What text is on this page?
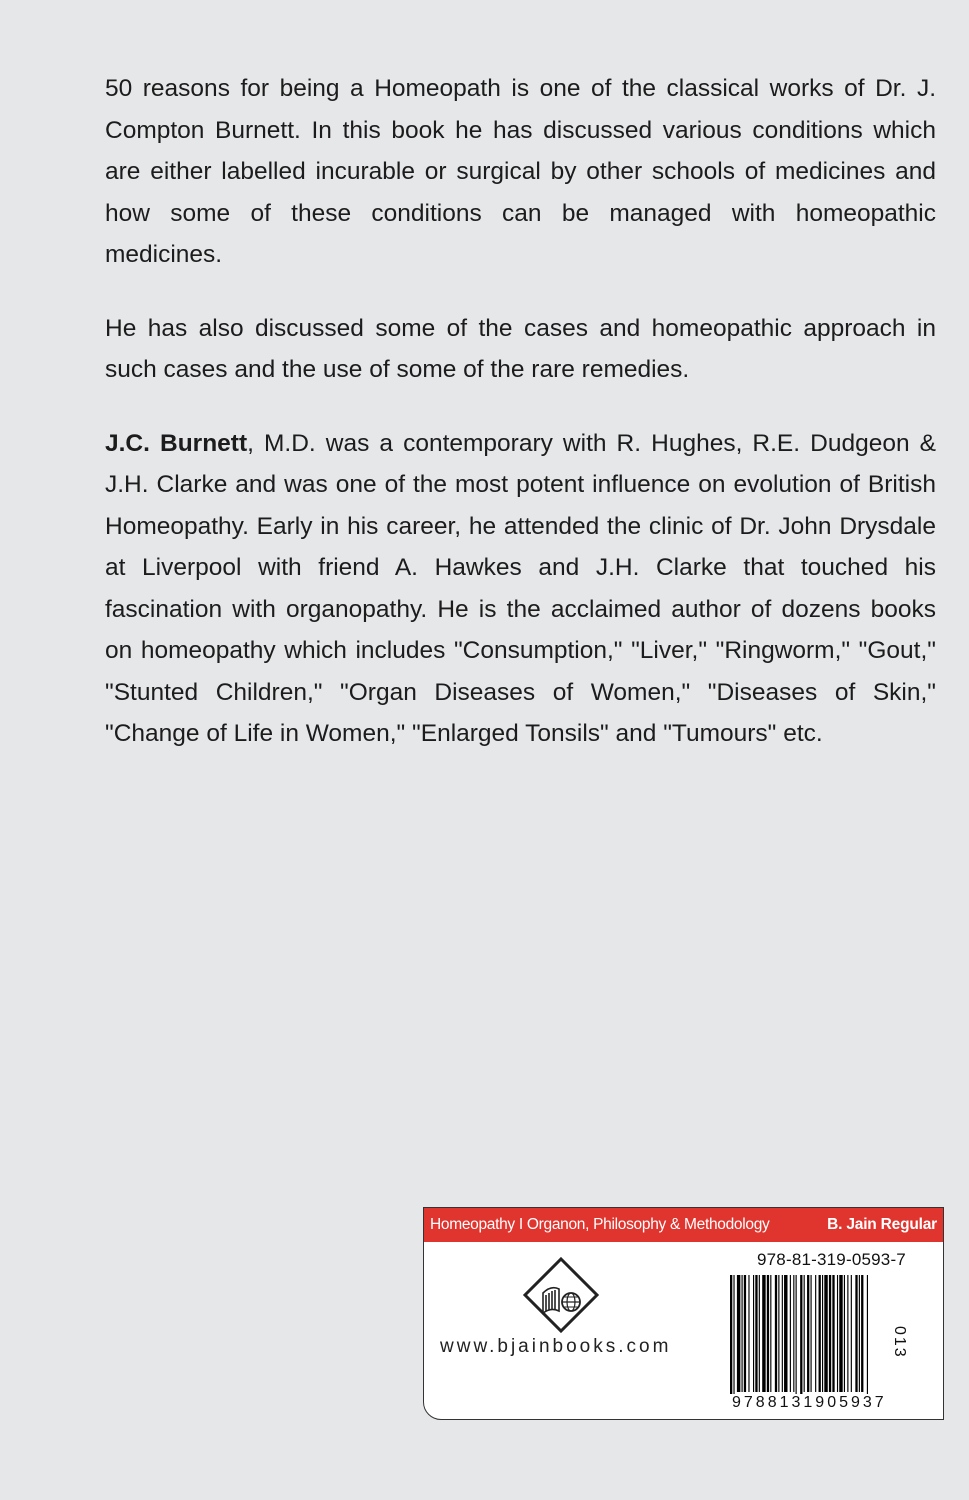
50 reasons for being a Homeopath is one of the classical works of Dr. J. Compton Burnett. In this book he has discussed various conditions which are either labelled incurable or surgical by other schools of medicines and how some of these conditions can be managed with homeopathic medicines.

He has also discussed some of the cases and homeopathic approach in such cases and the use of some of the rare remedies.

J.C. Burnett, M.D. was a contemporary with R. Hughes, R.E. Dudgeon & J.H. Clarke and was one of the most potent influence on evolution of British Homeopathy. Early in his career, he attended the clinic of Dr. John Drysdale at Liverpool with friend A. Hawkes and J.H. Clarke that touched his fascination with organopathy. He is the acclaimed author of dozens books on homeopathy which includes "Consumption," "Liver," "Ringworm," "Gout," "Stunted Children," "Organ Diseases of Women," "Diseases of Skin," "Change of Life in Women," "Enlarged Tonsils" and "Tumours" etc.

Homeopathy I Organon, Philosophy & Methodology	B. Jain Regular
www.bjainbooks.com
978-81-319-0593-7
9788131905937
013
